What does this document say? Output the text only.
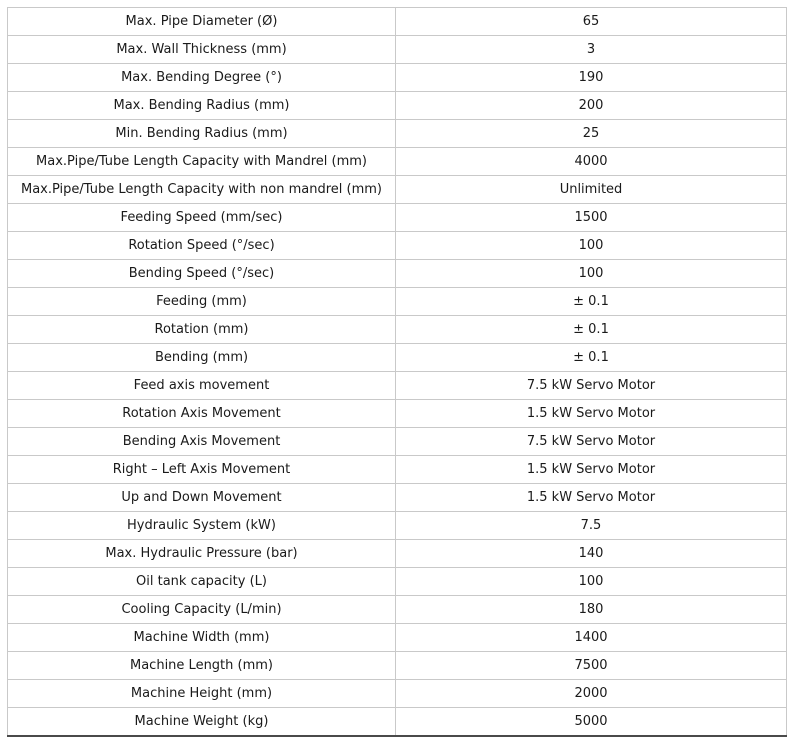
Max. Pipe Diameter (Ø)	65
Max. Wall Thickness (mm)	3
Max. Bending Degree (°)	190
Max. Bending Radius (mm)	200
Min. Bending Radius (mm)	25
Max.Pipe/Tube Length Capacity with Mandrel (mm)	4000
Max.Pipe/Tube Length Capacity with non mandrel (mm)	Unlimited
Feeding Speed (mm/sec)	1500
Rotation Speed (°/sec)	100
Bending Speed (°/sec)	100
Feeding (mm)	± 0.1
Rotation (mm)	± 0.1
Bending (mm)	± 0.1
Feed axis movement	7.5 kW Servo Motor
Rotation Axis Movement	1.5 kW Servo Motor
Bending Axis Movement	7.5 kW Servo Motor
Right – Left Axis Movement	1.5 kW Servo Motor
Up and Down Movement	1.5 kW Servo Motor
Hydraulic System (kW)	7.5
Max. Hydraulic Pressure (bar)	140
Oil tank capacity (L)	100
Cooling Capacity (L/min)	180
Machine Width (mm)	1400
Machine Length (mm)	7500
Machine Height (mm)	2000
Machine Weight (kg)	5000
